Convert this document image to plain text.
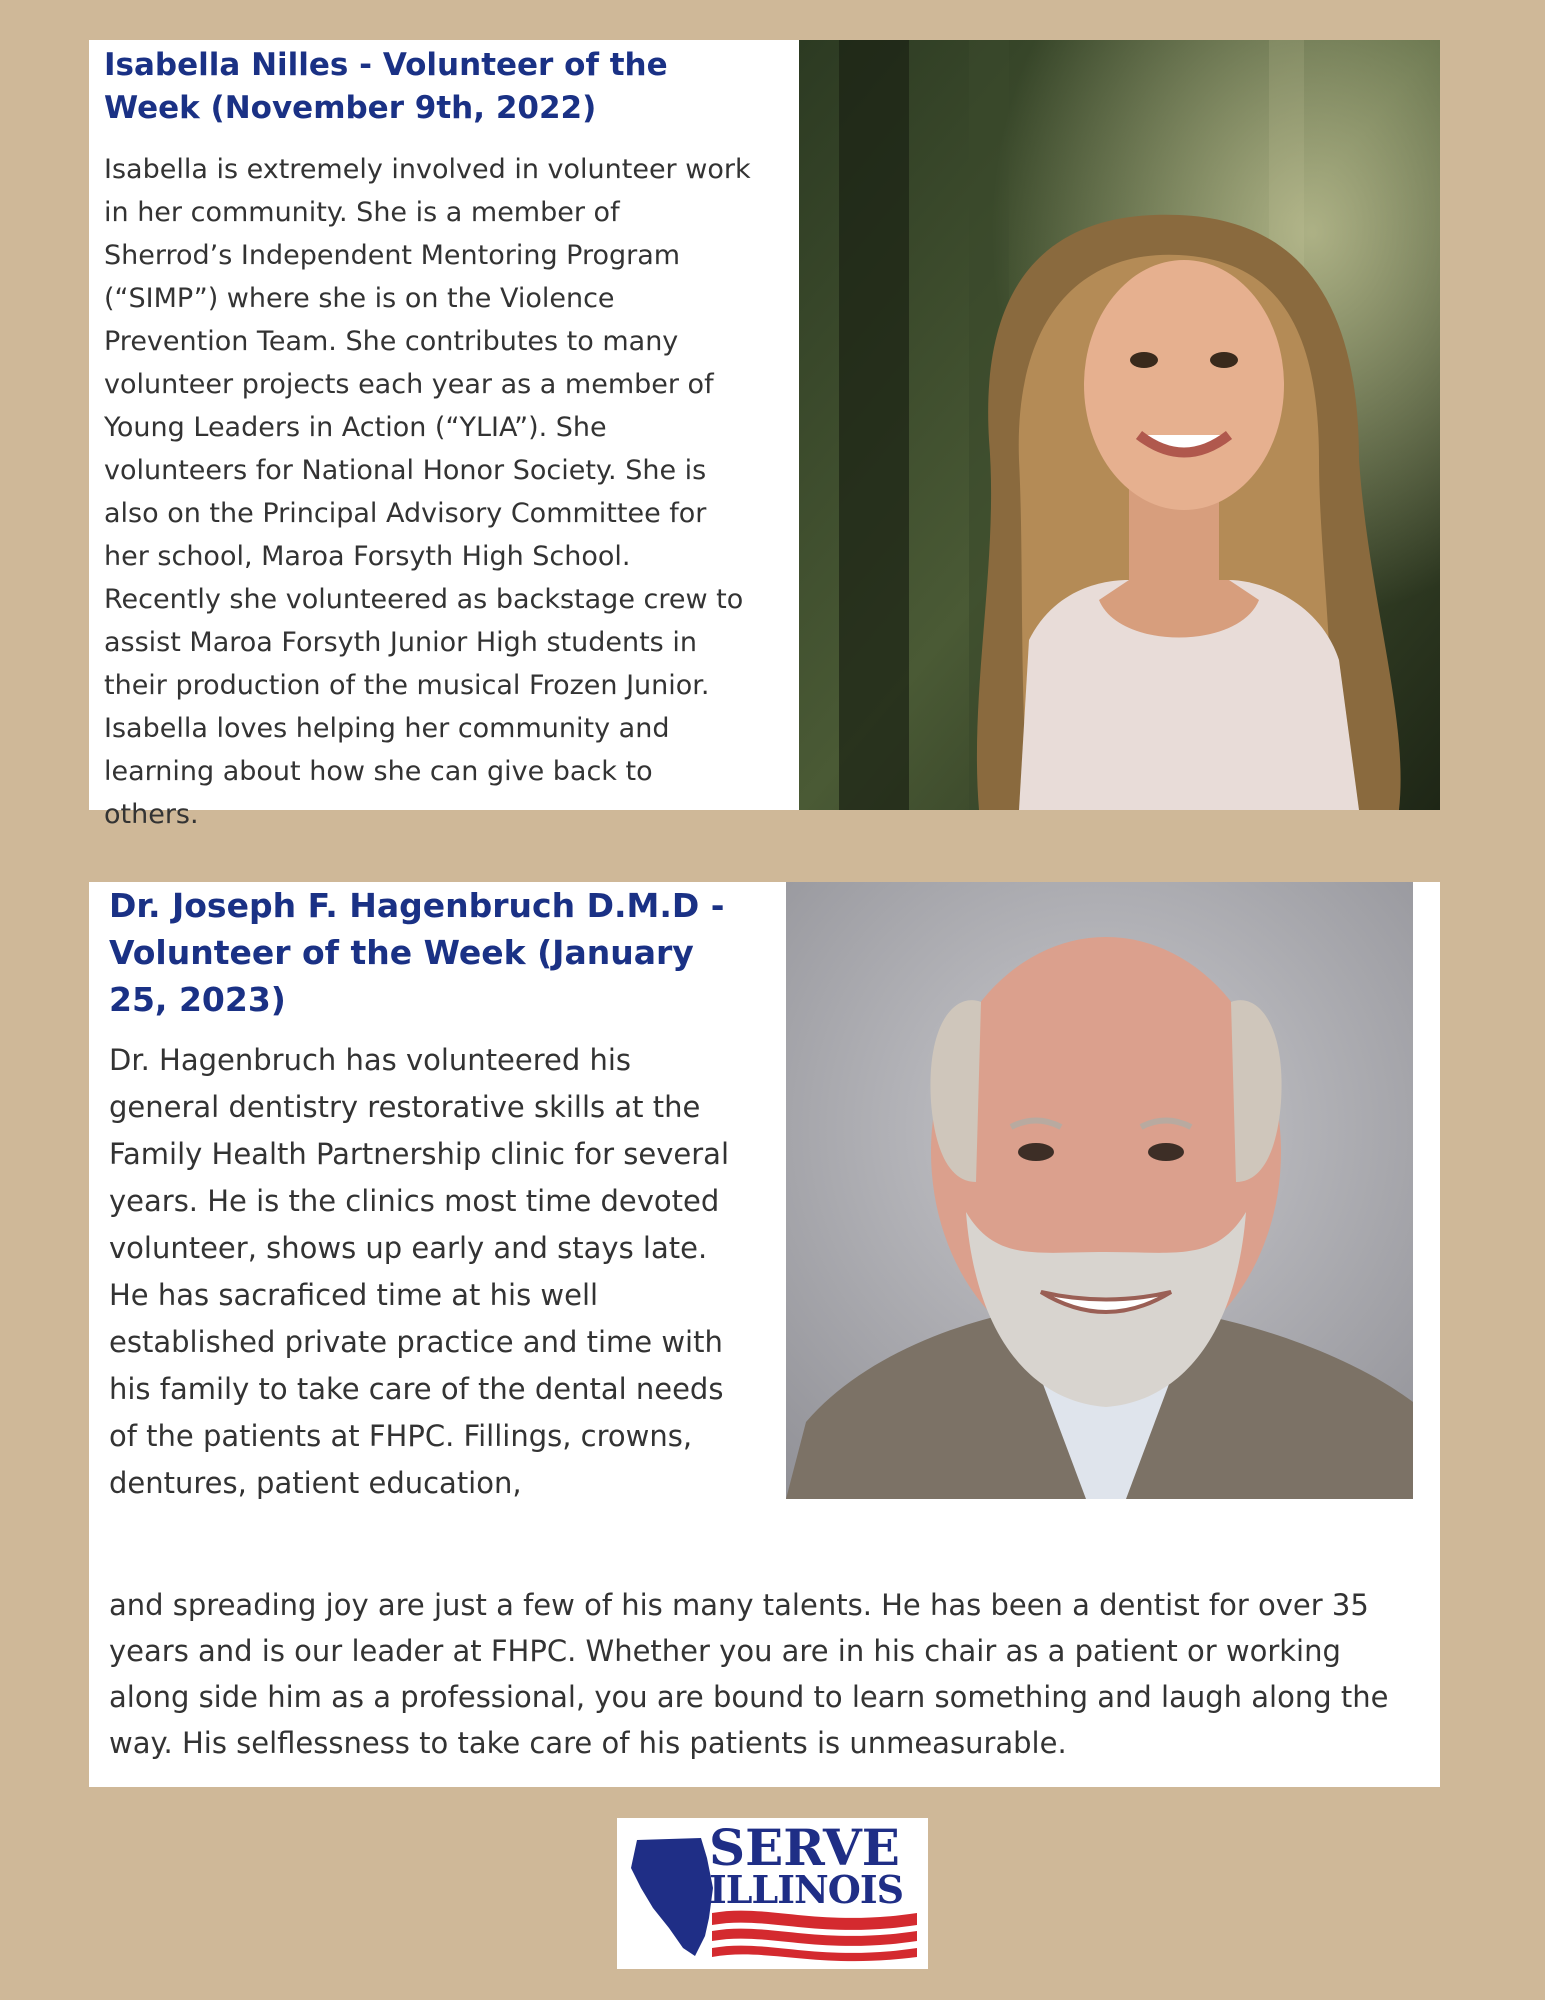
Isabella Nilles - Volunteer of the Week (November 9th, 2022)

Isabella is extremely involved in volunteer work in her community. She is a member of Sherrod’s Independent Mentoring Program (“SIMP”) where she is on the Violence Prevention Team. She contributes to many volunteer projects each year as a member of Young Leaders in Action (“YLIA”). She volunteers for National Honor Society. She is also on the Principal Advisory Committee for her school, Maroa Forsyth High School. Recently she volunteered as backstage crew to assist Maroa Forsyth Junior High students in their production of the musical Frozen Junior. Isabella loves helping her community and learning about how she can give back to others.

Dr. Joseph F. Hagenbruch D.M.D - Volunteer of the Week (January 25, 2023)

Dr. Hagenbruch has volunteered his general dentistry restorative skills at the Family Health Partnership clinic for several years. He is the clinics most time devoted volunteer, shows up early and stays late. He has sacraficed time at his well established private practice and time with his family to take care of the dental needs of the patients at FHPC. Fillings, crowns, dentures, patient education,

and spreading joy are just a few of his many talents. He has been a dentist for over 35 years and is our leader at FHPC. Whether you are in his chair as a patient or working along side him as a professional, you are bound to learn something and laugh along the way. His selflessness to take care of his patients is unmeasurable.

SERVE
ILLINOIS
